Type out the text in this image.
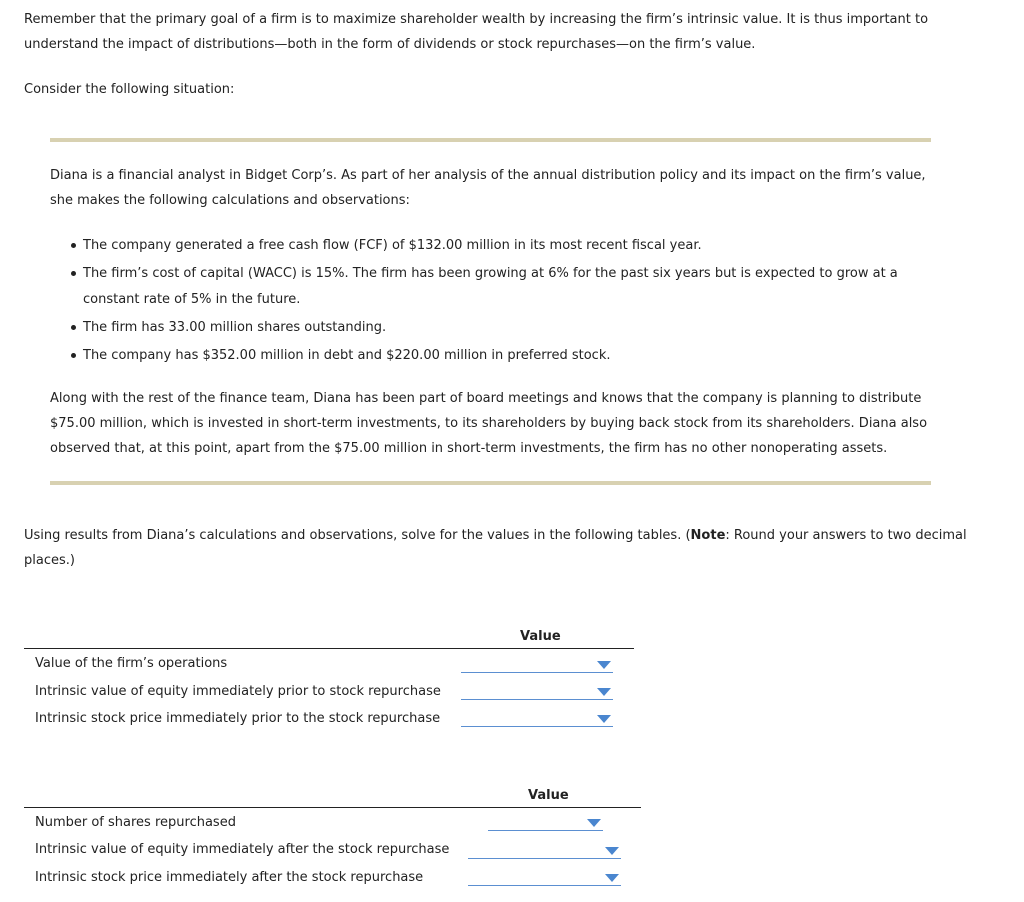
Remember that the primary goal of a firm is to maximize shareholder wealth by increasing the firm’s intrinsic value. It is thus important to understand the impact of distributions—both in the form of dividends or stock repurchases—on the firm’s value.

Consider the following situation:

Diana is a financial analyst in Bidget Corp’s. As part of her analysis of the annual distribution policy and its impact on the firm’s value, she makes the following calculations and observations:

The company generated a free cash flow (FCF) of $132.00 million in its most recent fiscal year.
The firm’s cost of capital (WACC) is 15%. The firm has been growing at 6% for the past six years but is expected to grow at a constant rate of 5% in the future.
The firm has 33.00 million shares outstanding.
The company has $352.00 million in debt and $220.00 million in preferred stock.

Along with the rest of the finance team, Diana has been part of board meetings and knows that the company is planning to distribute $75.00 million, which is invested in short-term investments, to its shareholders by buying back stock from its shareholders. Diana also observed that, at this point, apart from the $75.00 million in short-term investments, the firm has no other nonoperating assets.

Using results from Diana’s calculations and observations, solve for the values in the following tables. (Note: Round your answers to two decimal places.)

Value
Value of the firm’s operations
Intrinsic value of equity immediately prior to stock repurchase
Intrinsic stock price immediately prior to the stock repurchase
Value
Number of shares repurchased
Intrinsic value of equity immediately after the stock repurchase
Intrinsic stock price immediately after the stock repurchase
